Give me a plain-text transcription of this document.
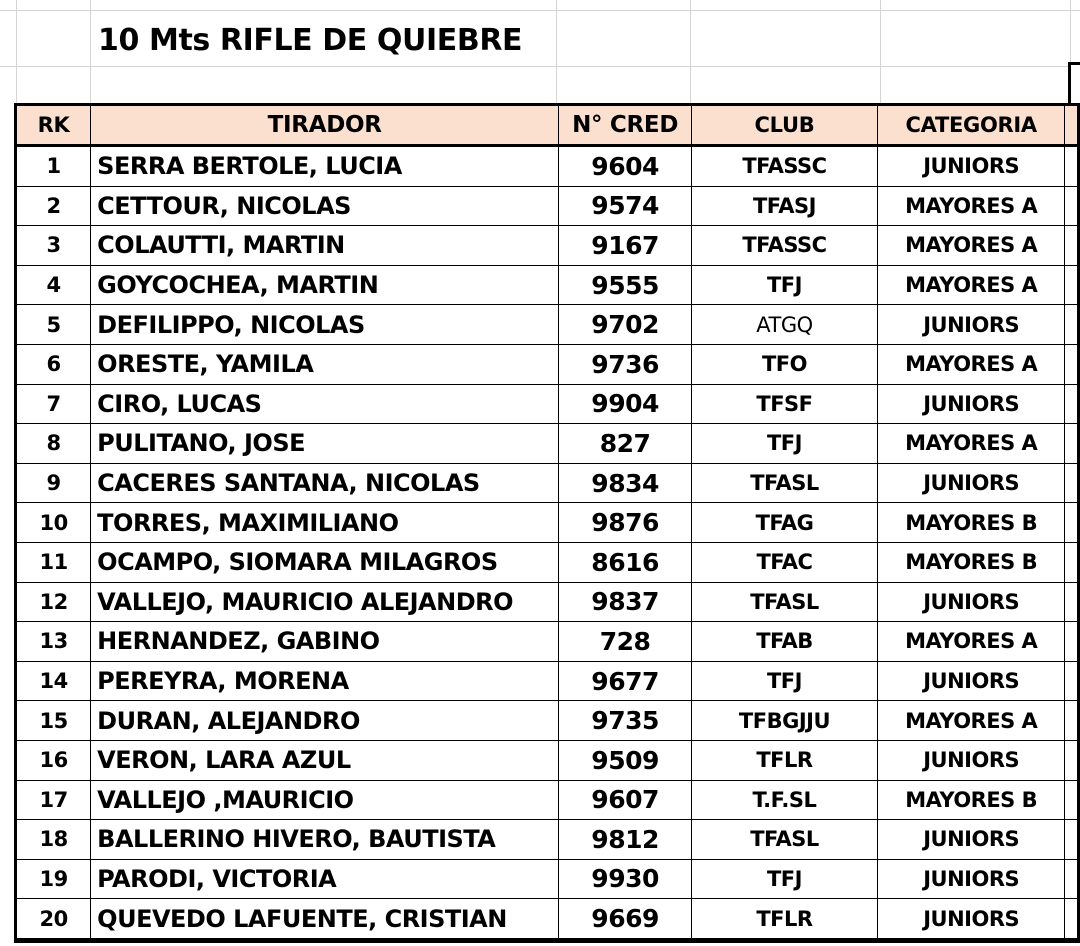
10 Mts RIFLE DE QUIEBRE
RK	TIRADOR	N° CRED	CLUB	CATEGORIA	
1	SERRA BERTOLE, LUCIA	9604	TFASSC	JUNIORS	
2	CETTOUR, NICOLAS	9574	TFASJ	MAYORES A	
3	COLAUTTI, MARTIN	9167	TFASSC	MAYORES A	
4	GOYCOCHEA, MARTIN	9555	TFJ	MAYORES A	
5	DEFILIPPO, NICOLAS	9702	ATGQ	JUNIORS	
6	ORESTE, YAMILA	9736	TFO	MAYORES A	
7	CIRO, LUCAS	9904	TFSF	JUNIORS	
8	PULITANO, JOSE	827	TFJ	MAYORES A	
9	CACERES SANTANA, NICOLAS	9834	TFASL	JUNIORS	
10	TORRES, MAXIMILIANO	9876	TFAG	MAYORES B	
11	OCAMPO, SIOMARA MILAGROS	8616	TFAC	MAYORES B	
12	VALLEJO, MAURICIO ALEJANDRO	9837	TFASL	JUNIORS	
13	HERNANDEZ, GABINO	728	TFAB	MAYORES A	
14	PEREYRA, MORENA	9677	TFJ	JUNIORS	
15	DURAN, ALEJANDRO	9735	TFBGJJU	MAYORES A	
16	VERON, LARA AZUL	9509	TFLR	JUNIORS	
17	VALLEJO ,MAURICIO	9607	T.F.SL	MAYORES B	
18	BALLERINO HIVERO, BAUTISTA	9812	TFASL	JUNIORS	
19	PARODI, VICTORIA	9930	TFJ	JUNIORS	
20	QUEVEDO LAFUENTE, CRISTIAN	9669	TFLR	JUNIORS	
